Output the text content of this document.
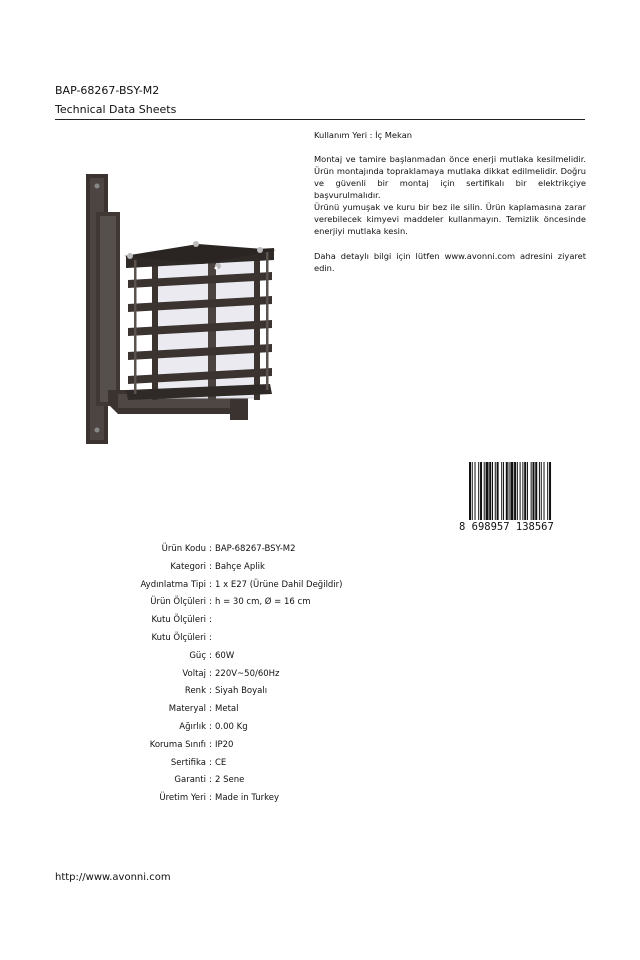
BAP-68267-BSY-M2
Technical Data Sheets
Kullanım Yeri : İç Mekan
Montaj ve tamire başlanmadan önce enerji mutlaka kesilmelidir. Ürün montajında topraklamaya mutlaka dikkat edilmelidir. Doğru ve güvenli bir montaj için sertifikalı bir elektrikçiye başvurulmalıdır.
Ürünü yumuşak ve kuru bir bez ile silin. Ürün kaplamasına zarar verebilecek kimyevi maddeler kullanmayın. Temizlik öncesinde enerjiyi mutlaka kesin.
Daha detaylı bilgi için lütfen www.avonni.com adresini ziyaret edin.
8 698957 138567
Ürün Kodu : BAP-68267-BSY-M2
Kategori : Bahçe Aplik
Aydınlatma Tipi : 1 x E27 (Ürüne Dahil Değildir)
Ürün Ölçüleri : h = 30 cm, Ø = 16 cm
Kutu Ölçüleri :
Kutu Ölçüleri :
Güç : 60W
Voltaj : 220V~50/60Hz
Renk : Siyah Boyalı
Materyal : Metal
Ağırlık : 0.00 Kg
Koruma Sınıfı : IP20
Sertifika : CE
Garanti : 2 Sene
Üretim Yeri : Made in Turkey
http://www.avonni.com
